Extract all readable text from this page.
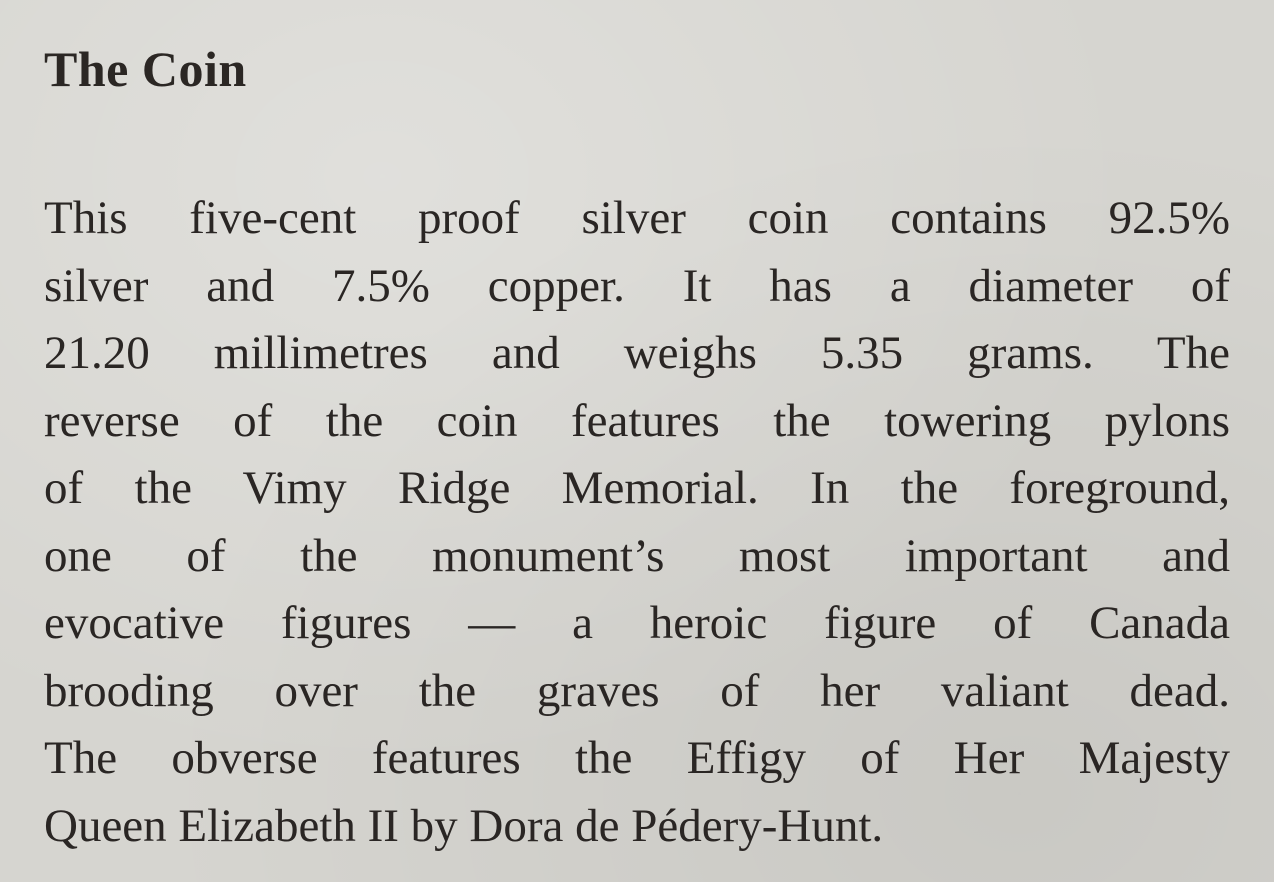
The Coin
This five-cent proof silver coin contains 92.5%
silver and 7.5% copper. It has a diameter of
21.20 millimetres and weighs 5.35 grams. The
reverse of the coin features the towering pylons
of the Vimy Ridge Memorial. In the foreground,
one of the monument’s most important and
evocative figures — a heroic figure of Canada
brooding over the graves of her valiant dead.
The obverse features the Effigy of Her Majesty
Queen Elizabeth II by Dora de Pédery-Hunt.
